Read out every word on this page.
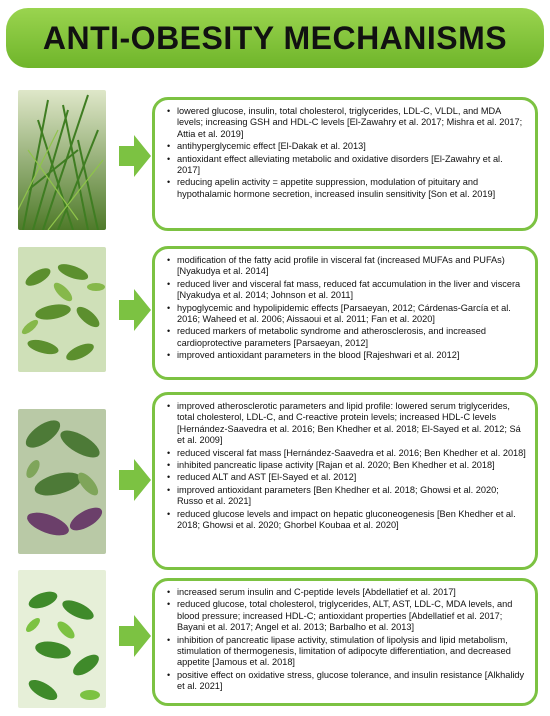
ANTI-OBESITY MECHANISMS
• lowered glucose, insulin, total cholesterol, triglycerides, LDL-C, VLDL, and MDA levels; increasing GSH and HDL-C levels [El-Zawahry et al. 2017; Mishra et al. 2017; Attia et al. 2019]
• antihyperglycemic effect [El-Dakak et al. 2013]
• antioxidant effect alleviating metabolic and oxidative disorders [El-Zawahry et al. 2017]
• reducing apelin activity = appetite suppression, modulation of pituitary and hypothalamic hormone secretion, increased insulin sensitivity [Son et al. 2019]
• modification of the fatty acid profile in visceral fat (increased MUFAs and PUFAs) [Nyakudya et al. 2014]
• reduced liver and visceral fat mass, reduced fat accumulation in the liver and viscera [Nyakudya et al. 2014; Johnson et al. 2011]
• hypoglycemic and hypolipidemic effects [Parsaeyan, 2012; Cárdenas-García et al. 2016; Waheed et al. 2006; Aissaoui et al. 2011; Fan et al. 2020]
• reduced markers of metabolic syndrome and atherosclerosis, and increased cardioprotective parameters [Parsaeyan, 2012]
• improved antioxidant parameters in the blood [Rajeshwari et al. 2012]
• improved atherosclerotic parameters and lipid profile: lowered serum triglycerides, total cholesterol, LDL-C, and C-reactive protein levels; increased HDL-C levels [Hernández-Saavedra et al. 2016; Ben Khedher et al. 2018; El-Sayed et al. 2012; Sá et al. 2009]
• reduced visceral fat mass [Hernández-Saavedra et al. 2016; Ben Khedher et al. 2018]
• inhibited pancreatic lipase activity [Rajan et al. 2020; Ben Khedher et al. 2018]
• reduced ALT and AST [El-Sayed et al. 2012]
• improved antioxidant parameters [Ben Khedher et al. 2018; Ghowsi et al. 2020; Russo et al. 2021]
• reduced glucose levels and impact on hepatic gluconeogenesis [Ben Khedher et al. 2018; Ghowsi et al. 2020; Ghorbel Koubaa et al. 2020]
• increased serum insulin and C-peptide levels [Abdellatief et al. 2017]
• reduced glucose, total cholesterol, triglycerides, ALT, AST, LDL-C, MDA levels, and blood pressure; increased HDL-C; antioxidant properties [Abdellatief et al. 2017; Bayani et al. 2017; Angel et al. 2013; Barbalho et al. 2013]
• inhibition of pancreatic lipase activity, stimulation of lipolysis and lipid metabolism, stimulation of thermogenesis, limitation of adipocyte differentiation, and decreased appetite [Jamous et al. 2018]
• positive effect on oxidative stress, glucose tolerance, and insulin resistance [Alkhalidy et al. 2021]
